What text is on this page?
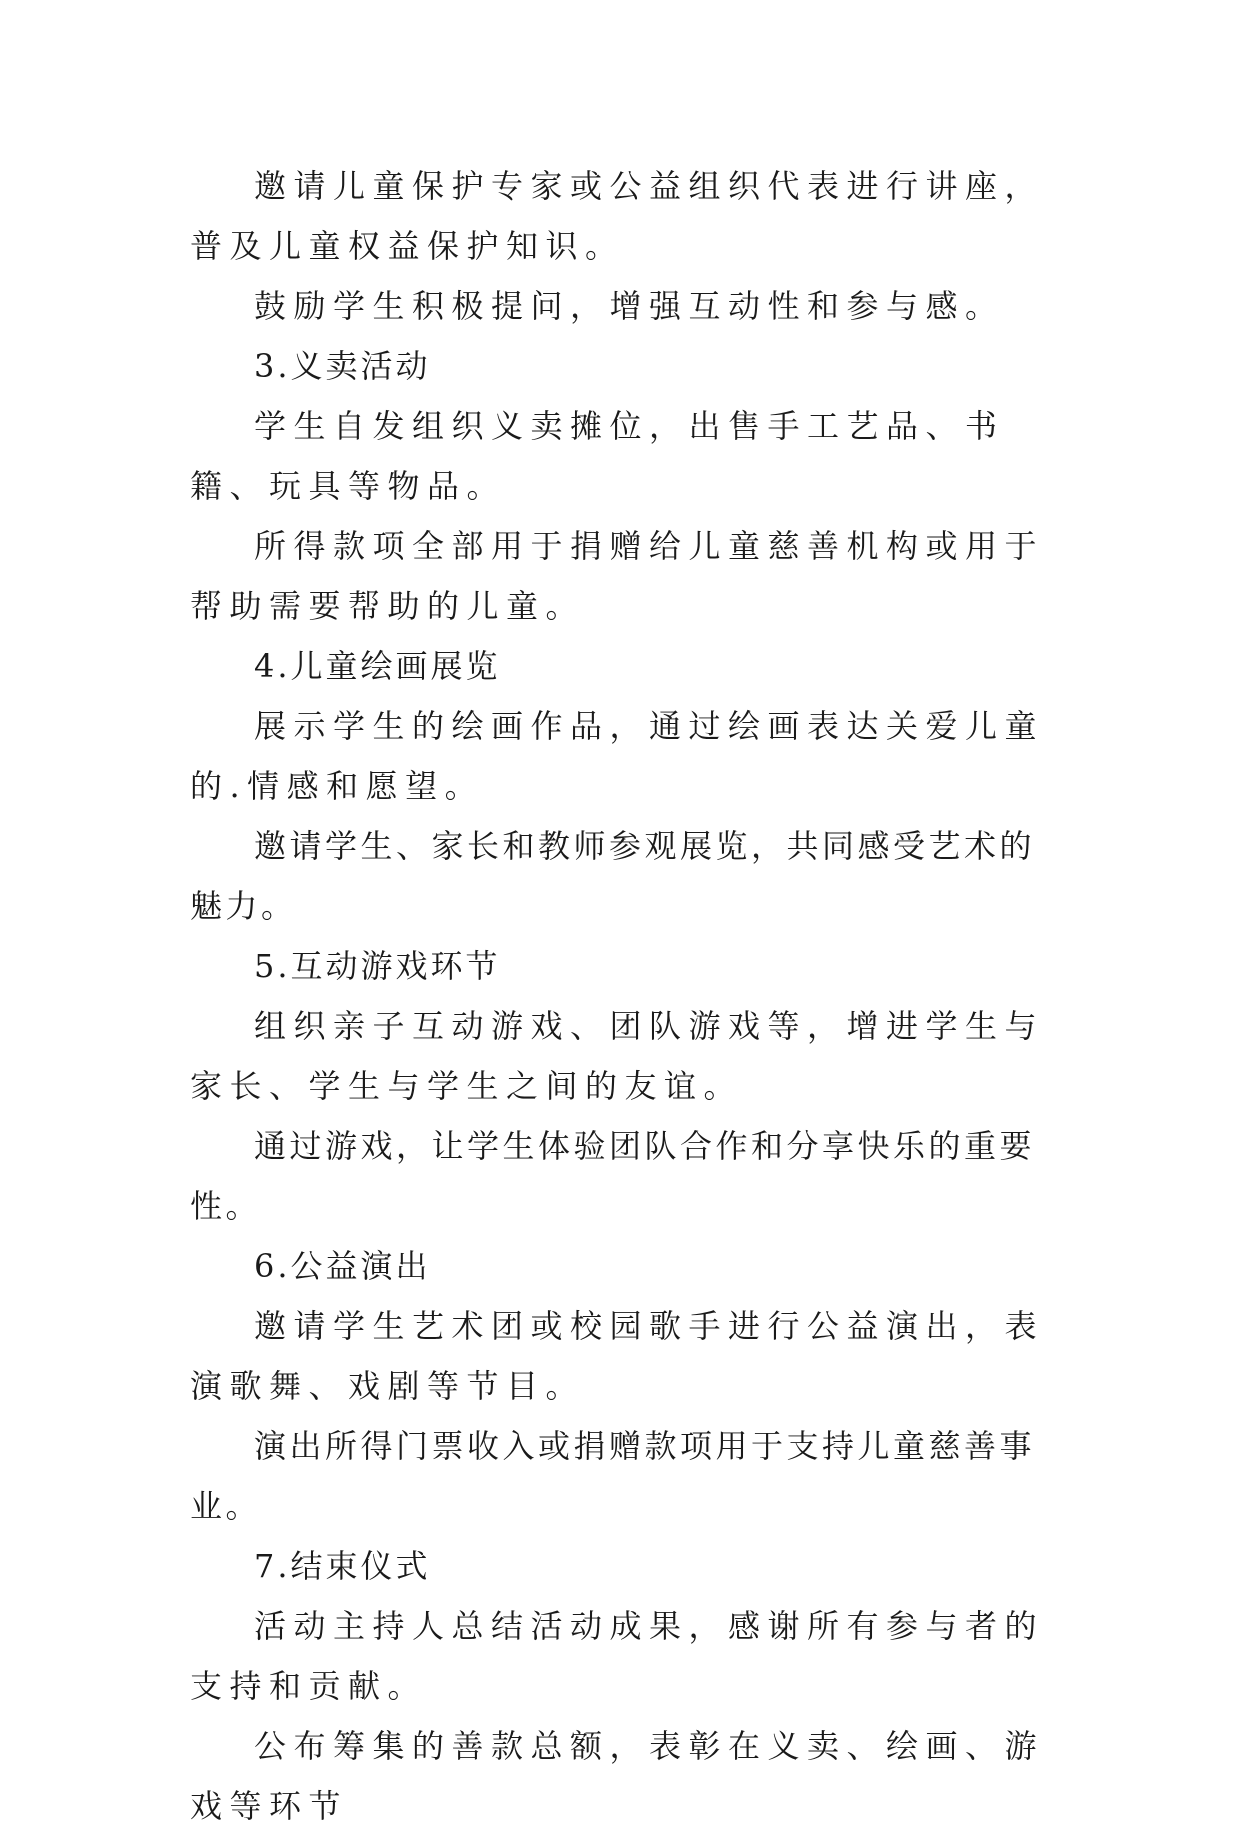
邀请儿童保护专家或公益组织代表进行讲座，普及儿童权益保护知识。

鼓励学生积极提问，增强互动性和参与感。

3.义卖活动

学生自发组织义卖摊位，出售手工艺品、书籍、玩具等物品。

所得款项全部用于捐赠给儿童慈善机构或用于帮助需要帮助的儿童。

4.儿童绘画展览

展示学生的绘画作品，通过绘画表达关爱儿童的.情感和愿望。

邀请学生、家长和教师参观展览，共同感受艺术的魅力。

5.互动游戏环节

组织亲子互动游戏、团队游戏等，增进学生与家长、学生与学生之间的友谊。

通过游戏，让学生体验团队合作和分享快乐的重要性。

6.公益演出

邀请学生艺术团或校园歌手进行公益演出，表演歌舞、戏剧等节目。

演出所得门票收入或捐赠款项用于支持儿童慈善事业。

7.结束仪式

活动主持人总结活动成果，感谢所有参与者的支持和贡献。

公布筹集的善款总额，表彰在义卖、绘画、游戏等环节
